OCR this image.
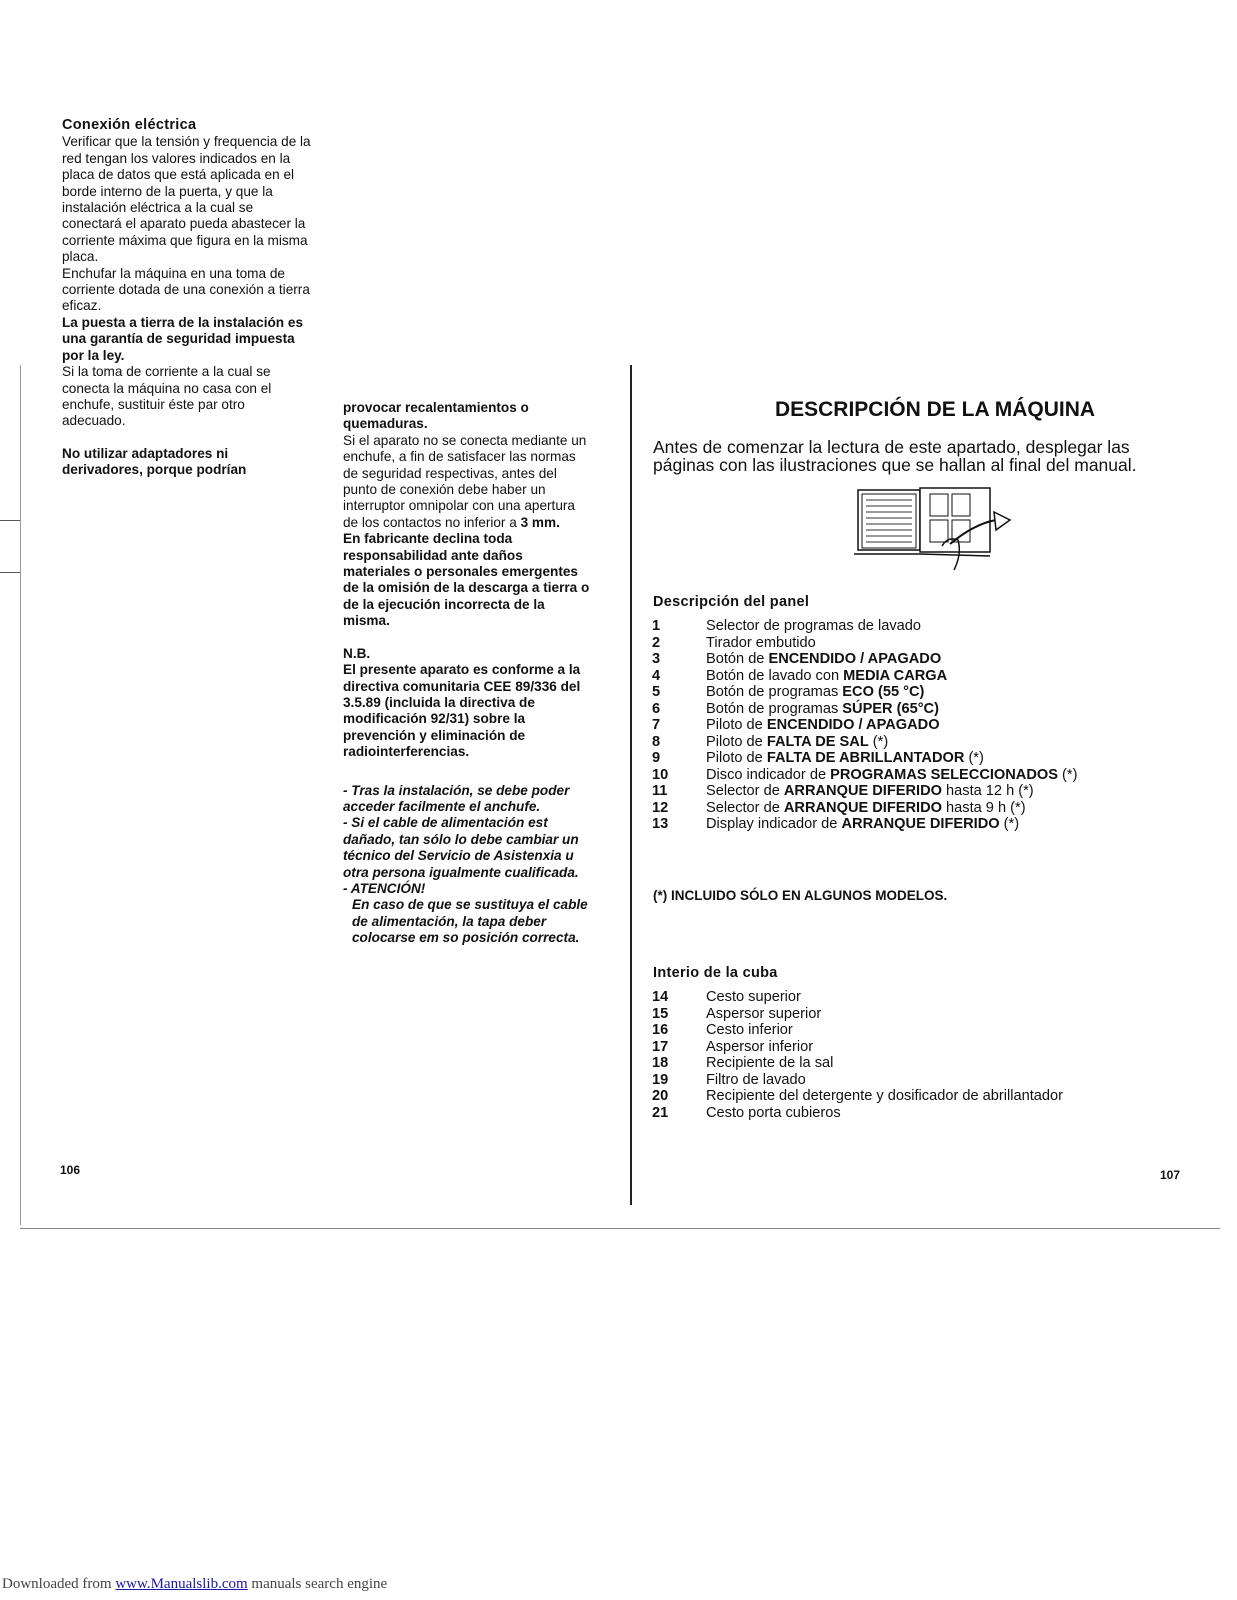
Conexión eléctrica

Verificar que la tensión y frequencia de la red tengan los valores indicados en la placa de datos que está aplicada en el borde interno de la puerta, y que la instalación eléctrica a la cual se conectará el aparato pueda abastecer la corriente máxima que figura en la misma placa.

Enchufar la máquina en una toma de corriente dotada de una conexión a tierra eficaz.

La puesta a tierra de la instalación es una garantía de seguridad impuesta por la ley.

Si la toma de corriente a la cual se conecta la máquina no casa con el enchufe, sustituir éste par otro adecuado.

No utilizar adaptadores ni derivadores, porque podrían

provocar recalentamientos o quemaduras.

Si el aparato no se conecta mediante un enchufe, a fin de satisfacer las normas de seguridad respectivas, antes del punto de conexión debe haber un interruptor omnipolar con una apertura de los contactos no inferior a 3 mm.

En fabricante declina toda responsabilidad ante daños materiales o personales emergentes de la omisión de la descarga a tierra o de la ejecución incorrecta de la misma.

N.B.

El presente aparato es conforme a la directiva comunitaria CEE 89/336 del 3.5.89 (incluida la directiva de modificación 92/31) sobre la prevención y eliminación de radiointerferencias.

- Tras la instalación, se debe poder acceder facilmente el anchufe.

- Si el cable de alimentación est dañado, tan sólo lo debe cambiar un técnico del Servicio de Asistenxia u otra persona igualmente cualificada.

- ATENCIÓN!

En caso de que se sustituya el cable de alimentación, la tapa deber colocarse em so posición correcta.

106
DESCRIPCIÓN DE LA MÁQUINA
Antes de comenzar la lectura de este apartado, desplegar las páginas con las ilustraciones que se hallan al final del manual.
Descripción del panel
1	Selector de programas de lavado
2	Tirador embutido
3	Botón de ENCENDIDO / APAGADO
4	Botón de lavado con MEDIA CARGA
5	Botón de programas ECO (55 °C)
6	Botón de programas SÚPER (65°C)
7	Piloto de ENCENDIDO / APAGADO
8	Piloto de FALTA DE SAL (*)
9	Piloto de FALTA DE ABRILLANTADOR (*)
10	Disco indicador de PROGRAMAS SELECCIONADOS (*)
11	Selector de ARRANQUE DIFERIDO hasta 12 h (*)
12	Selector de ARRANQUE DIFERIDO hasta 9 h (*)
13	Display indicador de ARRANQUE DIFERIDO (*)
(*) INCLUIDO SÓLO EN ALGUNOS MODELOS.
Interio de la cuba
14	Cesto superior
15	Aspersor superior
16	Cesto inferior
17	Aspersor inferior
18	Recipiente de la sal
19	Filtro de lavado
20	Recipiente del detergente y dosificador de abrillantador
21	Cesto porta cubieros
107
Downloaded from www.Manualslib.com manuals search engine
